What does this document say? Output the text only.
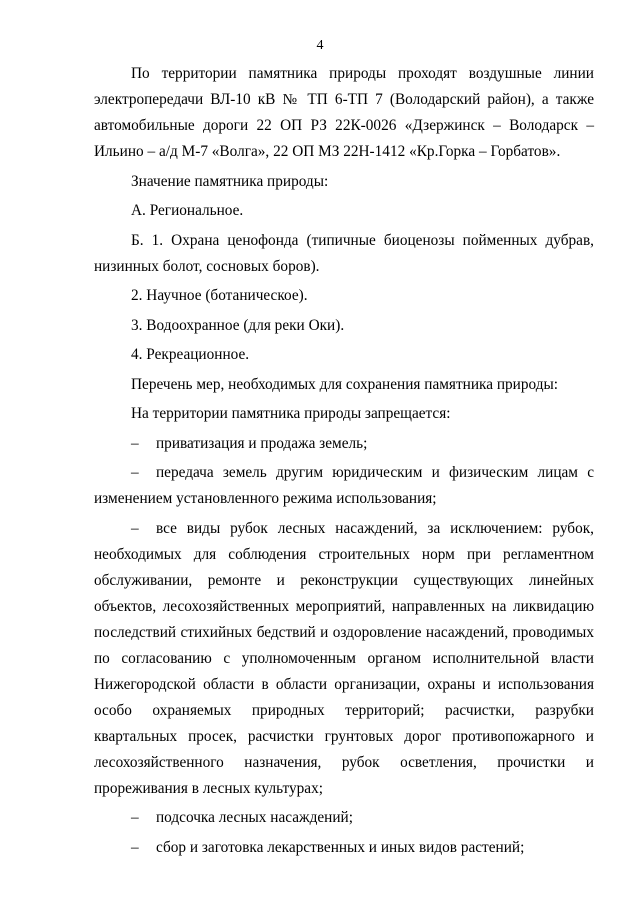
4

По территории памятника природы проходят воздушные линии электропередачи ВЛ-10 кВ № ТП 6-ТП 7 (Володарский район), а также автомобильные дороги 22 ОП РЗ 22К-0026 «Дзержинск – Володарск – Ильино – а/д М-7 «Волга», 22 ОП МЗ 22Н-1412 «Кр.Горка – Горбатов».

Значение памятника природы:

А. Региональное.

Б. 1. Охрана ценофонда (типичные биоценозы пойменных дубрав, низинных болот, сосновых боров).

2. Научное (ботаническое).

3. Водоохранное (для реки Оки).

4. Рекреационное.

Перечень мер, необходимых для сохранения памятника природы:

На территории памятника природы запрещается:

– приватизация и продажа земель;

– передача земель другим юридическим и физическим лицам с изменением установленного режима использования;

– все виды рубок лесных насаждений, за исключением: рубок, необходимых для соблюдения строительных норм при регламентном обслуживании, ремонте и реконструкции существующих линейных объектов, лесохозяйственных мероприятий, направленных на ликвидацию последствий стихийных бедствий и оздоровление насаждений, проводимых по согласованию с уполномоченным органом исполнительной власти Нижегородской области в области организации, охраны и использования особо охраняемых природных территорий; расчистки, разрубки квартальных просек, расчистки грунтовых дорог противопожарного и лесохозяйственного назначения, рубок осветления, прочистки и прореживания в лесных культурах;

– подсочка лесных насаждений;

– сбор и заготовка лекарственных и иных видов растений;
